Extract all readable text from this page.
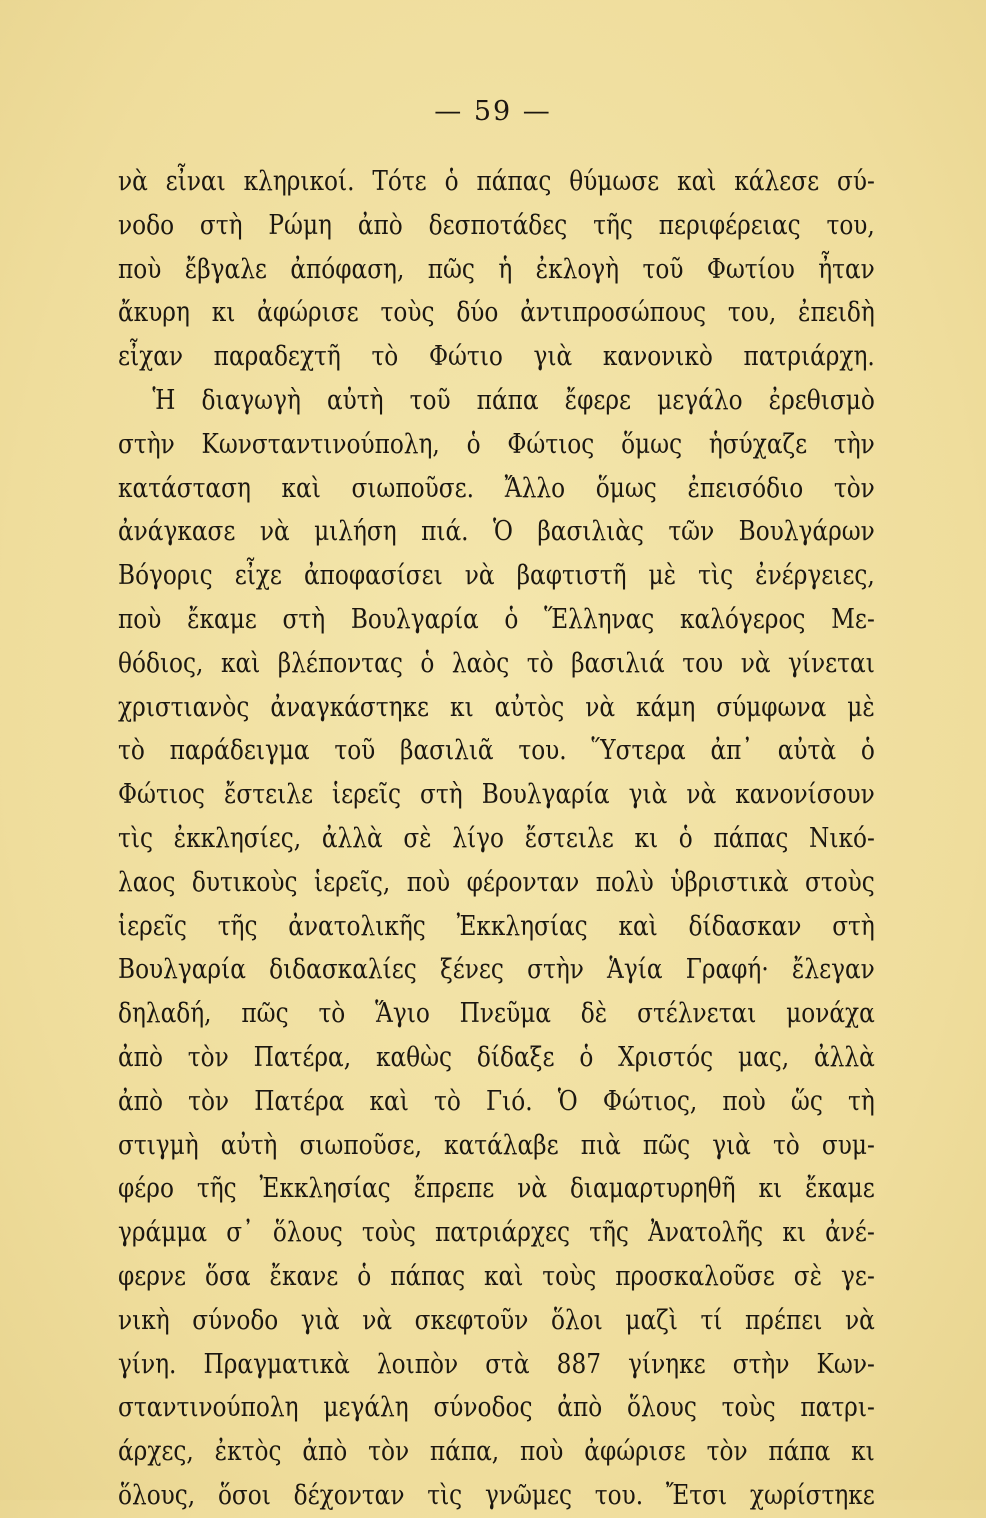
— 59 —
νὰ εἶναι κληρικοί. Τότε ὁ πάπας θύμωσε καὶ κάλεσε σύ-
νοδο στὴ Ρώμη ἀπὸ δεσποτάδες τῆς περιφέρειας του,
ποὺ ἔβγαλε ἀπόφαση, πῶς ἡ ἐκλογὴ τοῦ Φωτίου ἦταν
ἄκυρη κι ἀφώρισε τοὺς δύο ἀντιπροσώπους του, ἐπειδὴ
εἶχαν παραδεχτῆ τὸ Φώτιο γιὰ κανονικὸ πατριάρχη.
Ἡ διαγωγὴ αὐτὴ τοῦ πάπα ἔφερε μεγάλο ἐρεθισμὸ
στὴν Κωνσταντινούπολη, ὁ Φώτιος ὅμως ἡσύχαζε τὴν
κατάσταση καὶ σιωποῦσε. Ἄλλο ὅμως ἐπεισόδιο τὸν
ἀνάγκασε νὰ μιλήση πιά. Ὁ βασιλιὰς τῶν Βουλγάρων
Βόγορις εἶχε ἀποφασίσει νὰ βαφτιστῆ μὲ τὶς ἐνέργειες,
ποὺ ἔκαμε στὴ Βουλγαρία ὁ Ἕλληνας καλόγερος Με-
θόδιος, καὶ βλέποντας ὁ λαὸς τὸ βασιλιά του νὰ γίνεται
χριστιανὸς ἀναγκάστηκε κι αὐτὸς νὰ κάμη σύμφωνα μὲ
τὸ παράδειγμα τοῦ βασιλιᾶ του. Ὕστερα ἀπ᾽ αὐτὰ ὁ
Φώτιος ἔστειλε ἱερεῖς στὴ Βουλγαρία γιὰ νὰ κανονίσουν
τὶς ἐκκλησίες, ἀλλὰ σὲ λίγο ἔστειλε κι ὁ πάπας Νικό-
λαος δυτικοὺς ἱερεῖς, ποὺ φέρονταν πολὺ ὑβριστικὰ στοὺς
ἱερεῖς τῆς ἀνατολικῆς Ἐκκλησίας καὶ δίδασκαν στὴ
Βουλγαρία διδασκαλίες ξένες στὴν Ἁγία Γραφή· ἔλεγαν
δηλαδή, πῶς τὸ Ἅγιο Πνεῦμα δὲ στέλνεται μονάχα
ἀπὸ τὸν Πατέρα, καθὼς δίδαξε ὁ Χριστός μας, ἀλλὰ
ἀπὸ τὸν Πατέρα καὶ τὸ Γιό. Ὁ Φώτιος, ποὺ ὥς τὴ
στιγμὴ αὐτὴ σιωποῦσε, κατάλαβε πιὰ πῶς γιὰ τὸ συμ-
φέρο τῆς Ἐκκλησίας ἔπρεπε νὰ διαμαρτυρηθῆ κι ἔκαμε
γράμμα σ᾽ ὅλους τοὺς πατριάρχες τῆς Ἀνατολῆς κι ἀνέ-
φερνε ὅσα ἔκανε ὁ πάπας καὶ τοὺς προσκαλοῦσε σὲ γε-
νικὴ σύνοδο γιὰ νὰ σκεφτοῦν ὅλοι μαζὶ τί πρέπει νὰ
γίνη. Πραγματικὰ λοιπὸν στὰ 887 γίνηκε στὴν Κων-
σταντινούπολη μεγάλη σύνοδος ἀπὸ ὅλους τοὺς πατρι-
άρχες, ἐκτὸς ἀπὸ τὸν πάπα, ποὺ ἀφώρισε τὸν πάπα κι
ὅλους, ὅσοι δέχονταν τὶς γνῶμες του. Ἔτσι χωρίστηκε
